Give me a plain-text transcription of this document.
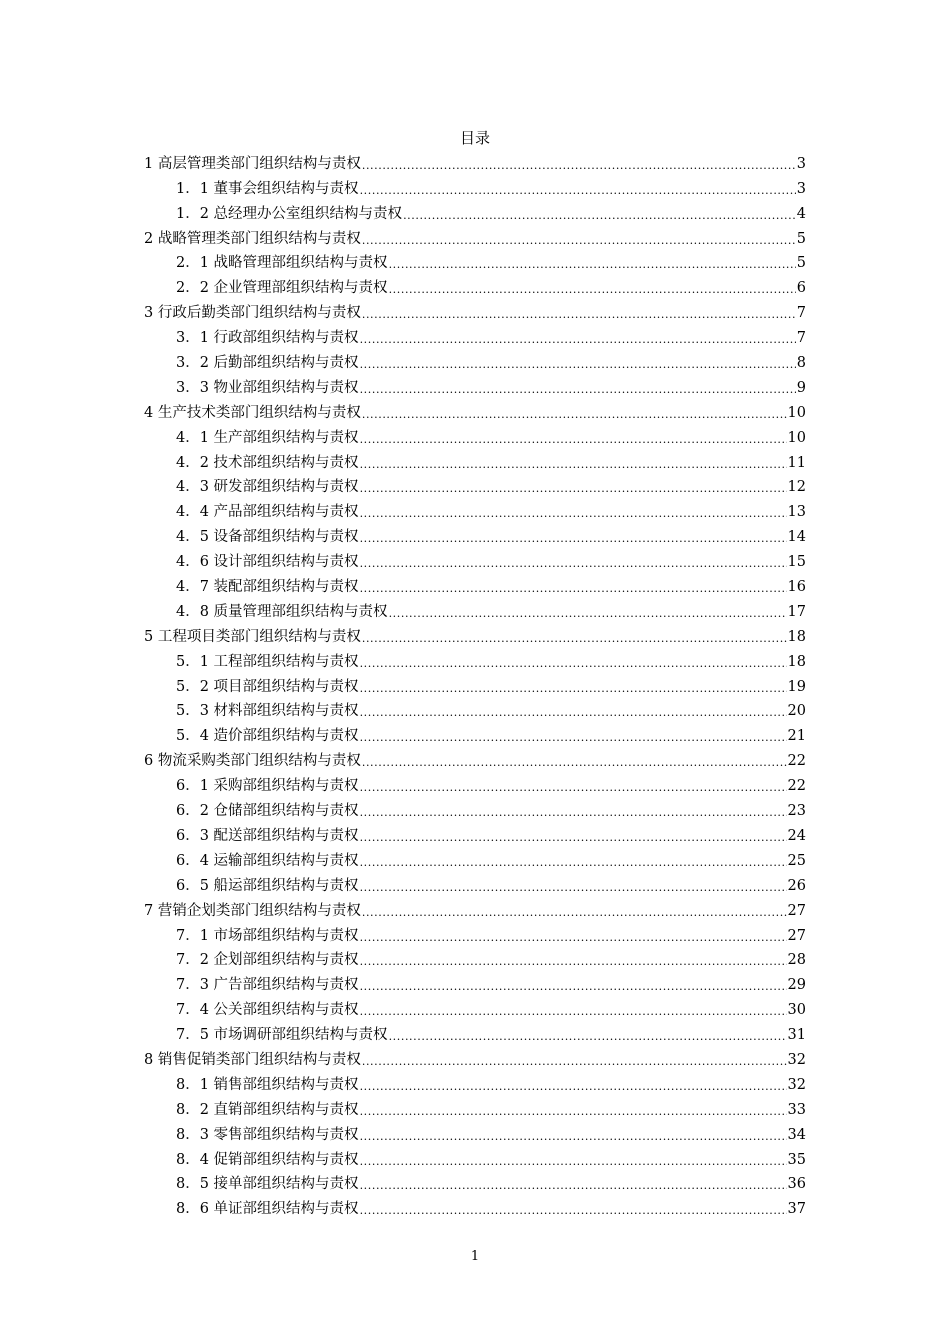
目录
1 高层管理类部门组织结构与责权 .....	3
1．1 董事会组织结构与责权 .....	3
1．2 总经理办公室组织结构与责权 .....	4
2 战略管理类部门组织结构与责权 .....	5
2．1 战略管理部组织结构与责权 .....	5
2．2 企业管理部组织结构与责权 .....	6
3 行政后勤类部门组织结构与责权 .....	7
3．1 行政部组织结构与责权 .....	7
3．2 后勤部组织结构与责权 .....	8
3．3 物业部组织结构与责权 .....	9
4 生产技术类部门组织结构与责权 .....	10
4．1 生产部组织结构与责权 .....	10
4．2 技术部组织结构与责权 .....	11
4．3 研发部组织结构与责权 .....	12
4．4 产品部组织结构与责权 .....	13
4．5 设备部组织结构与责权 .....	14
4．6 设计部组织结构与责权 .....	15
4．7 装配部组织结构与责权 .....	16
4．8 质量管理部组织结构与责权 .....	17
5 工程项目类部门组织结构与责权 .....	18
5．1 工程部组织结构与责权 .....	18
5．2 项目部组织结构与责权 .....	19
5．3 材料部组织结构与责权 .....	20
5．4 造价部组织结构与责权 .....	21
6 物流采购类部门组织结构与责权 .....	22
6．1 采购部组织结构与责权 .....	22
6．2 仓储部组织结构与责权 .....	23
6．3 配送部组织结构与责权 .....	24
6．4 运输部组织结构与责权 .....	25
6．5 船运部组织结构与责权 .....	26
7 营销企划类部门组织结构与责权 .....	27
7．1 市场部组织结构与责权 .....	27
7．2 企划部组织结构与责权 .....	28
7．3 广告部组织结构与责权 .....	29
7．4 公关部组织结构与责权 .....	30
7．5 市场调研部组织结构与责权 .....	31
8 销售促销类部门组织结构与责权 .....	32
8．1 销售部组织结构与责权 .....	32
8．2 直销部组织结构与责权 .....	33
8．3 零售部组织结构与责权 .....	34
8．4 促销部组织结构与责权 .....	35
8．5 接单部组织结构与责权 .....	36
8．6 单证部组织结构与责权 .....	37
1
